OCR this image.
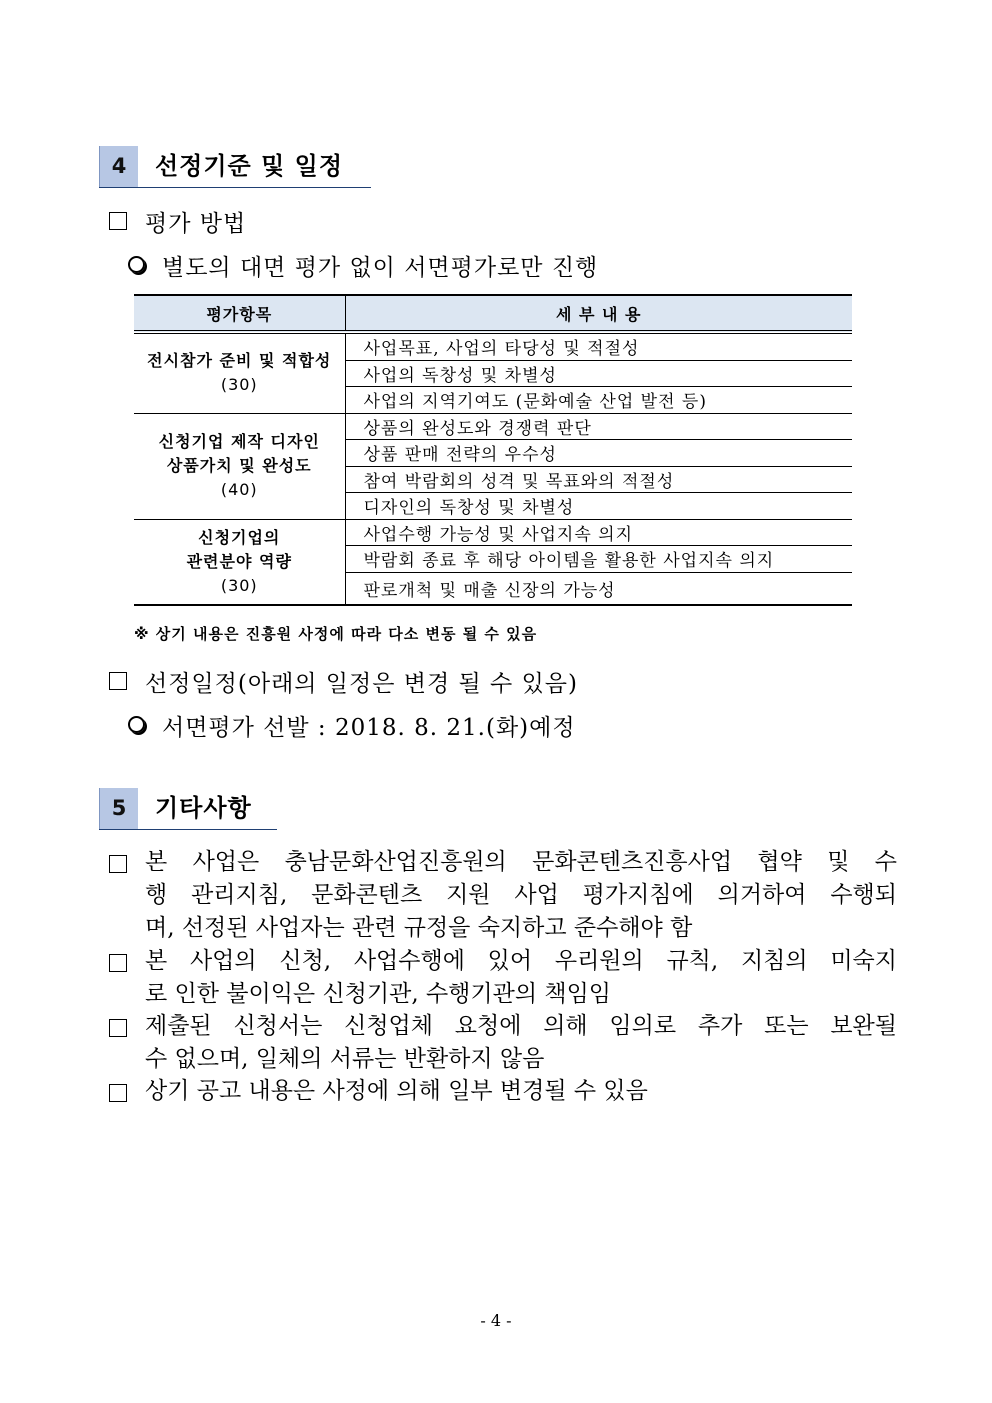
4	선정기준 및 일정
평가 방법
별도의 대면 평가 없이 서면평가로만 진행
평가항목	세 부 내 용

전시참가 준비 및 적합성
(30)	사업목표, 사업의 타당성 및 적절성
	사업의 독창성 및 차별성
	사업의 지역기여도 (문화예술 산업 발전 등)

신청기업 제작 디자인
상품가치 및 완성도
(40)	상품의 완성도와 경쟁력 판단
	상품 판매 전략의 우수성
	참여 박람회의 성격 및 목표와의 적절성
	디자인의 독창성 및 차별성

신청기업의
관련분야 역량
(30)	사업수행 가능성 및 사업지속 의지
	박람회 종료 후 해당 아이템을 활용한 사업지속 의지
	판로개척 및 매출 신장의 가능성
※ 상기 내용은 진흥원 사정에 따라 다소 변동 될 수 있음
선정일정(아래의 일정은 변경 될 수 있음)
서면평가 선발 : 2018. 8. 21.(화)예정
5	기타사항
본 사업은 충남문화산업진흥원의 문화콘텐츠진흥사업 협약 및 수
행 관리지침, 문화콘텐츠 지원 사업 평가지침에 의거하여 수행되
며, 선정된 사업자는 관련 규정을 숙지하고 준수해야 함
본 사업의 신청, 사업수행에 있어 우리원의 규칙, 지침의 미숙지
로 인한 불이익은 신청기관, 수행기관의 책임임
제출된 신청서는 신청업체 요청에 의해 임의로 추가 또는 보완될
수 없으며, 일체의 서류는 반환하지 않음
상기 공고 내용은 사정에 의해 일부 변경될 수 있음
- 4 -
